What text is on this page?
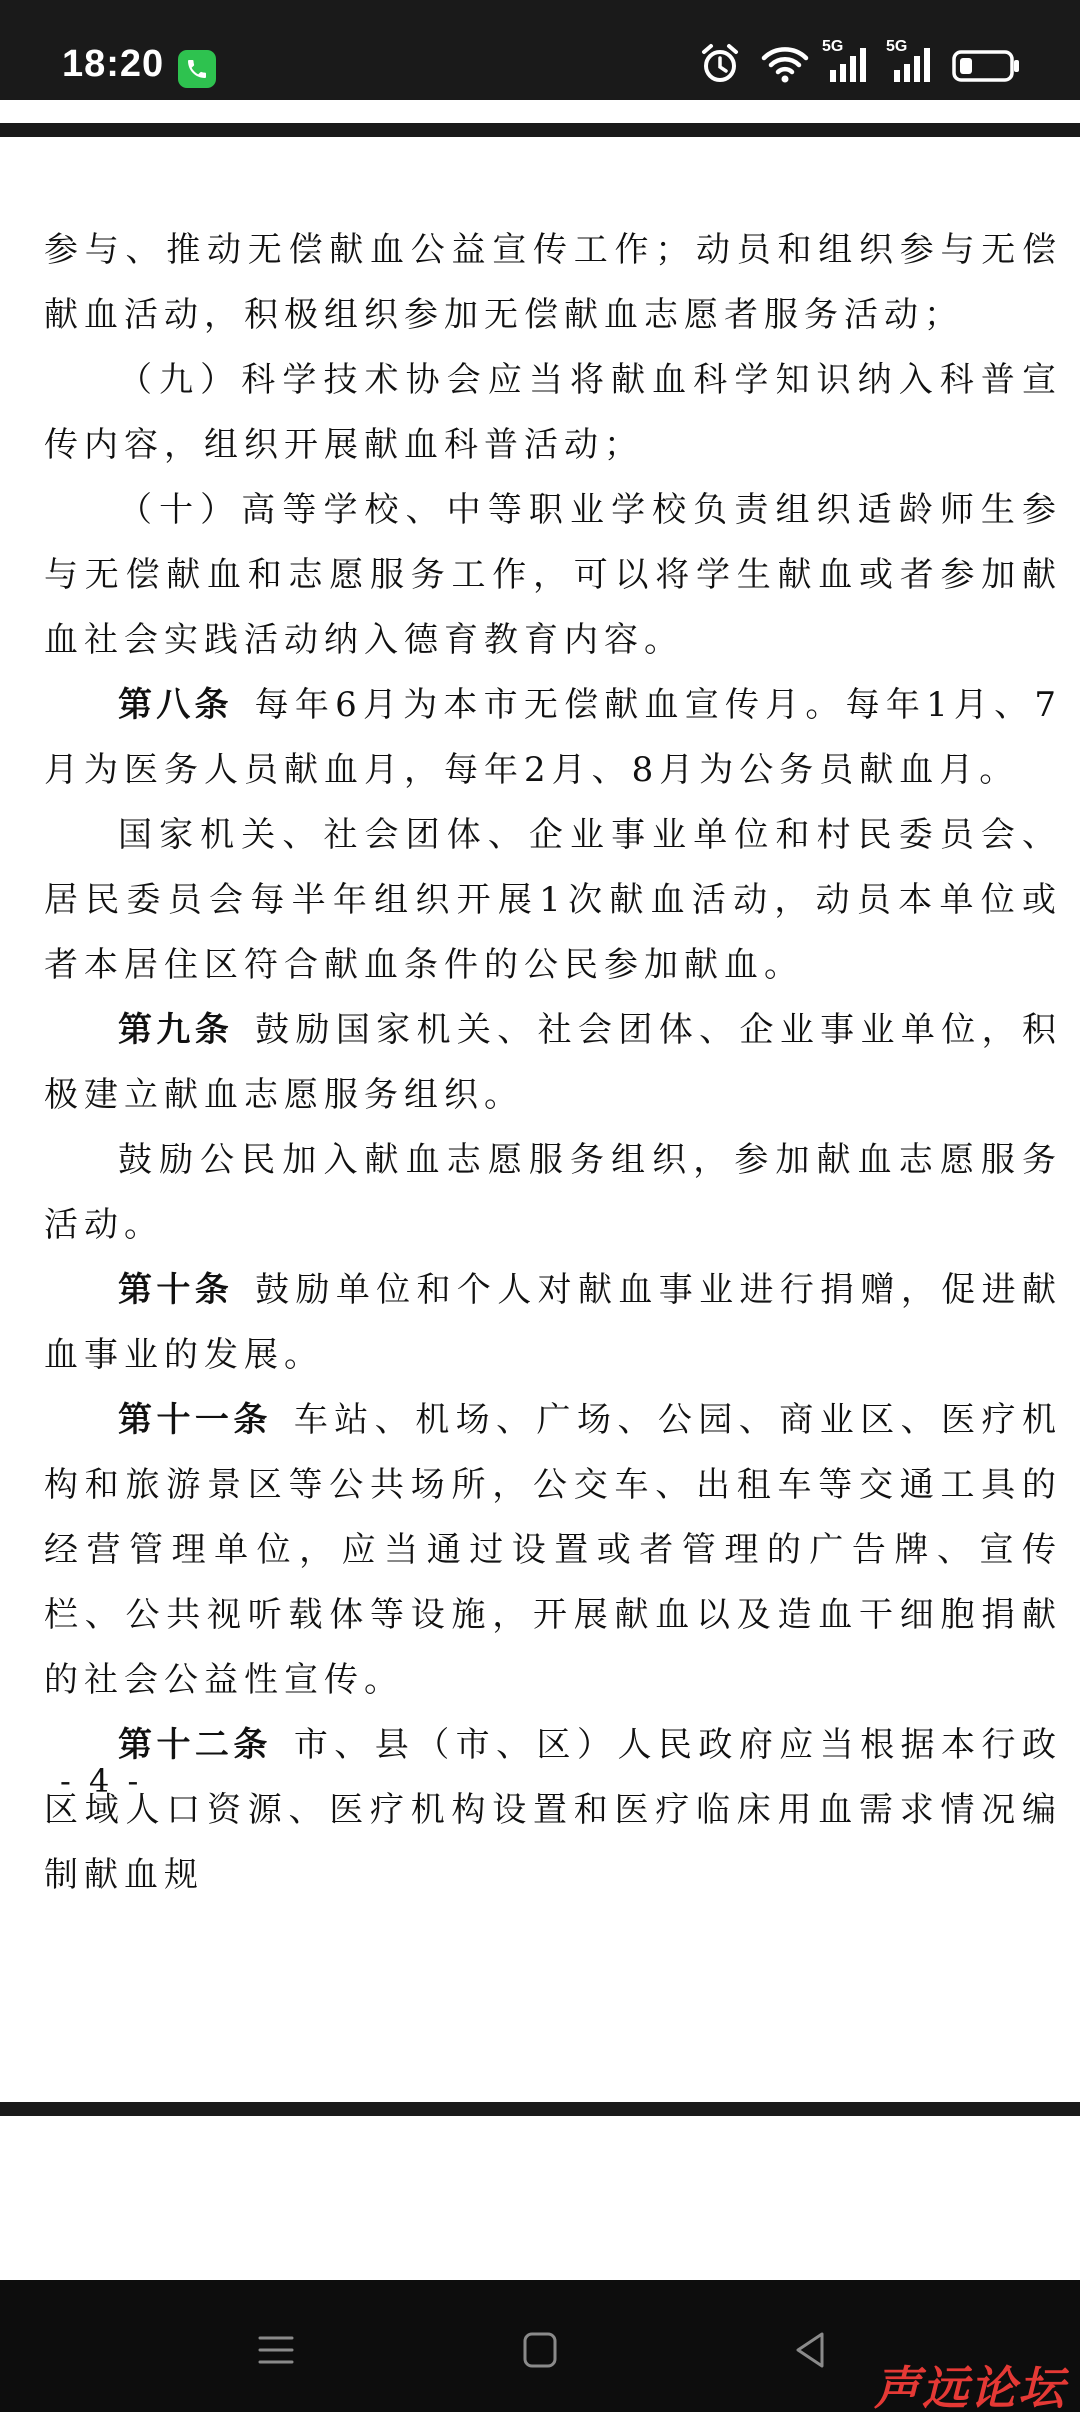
18:20	5G	5G

参与、推动无偿献血公益宣传工作；动员和组织参与无偿献血活动，积极组织参加无偿献血志愿者服务活动；

（九）科学技术协会应当将献血科学知识纳入科普宣传内容，组织开展献血科普活动；

（十）高等学校、中等职业学校负责组织适龄师生参与无偿献血和志愿服务工作，可以将学生献血或者参加献血社会实践活动纳入德育教育内容。

第八条 每年6月为本市无偿献血宣传月。每年1月、7月为医务人员献血月，每年2月、8月为公务员献血月。

国家机关、社会团体、企业事业单位和村民委员会、居民委员会每半年组织开展1次献血活动，动员本单位或者本居住区符合献血条件的公民参加献血。

第九条 鼓励国家机关、社会团体、企业事业单位，积极建立献血志愿服务组织。

鼓励公民加入献血志愿服务组织，参加献血志愿服务活动。

第十条 鼓励单位和个人对献血事业进行捐赠，促进献血事业的发展。

第十一条 车站、机场、广场、公园、商业区、医疗机构和旅游景区等公共场所，公交车、出租车等交通工具的经营管理单位，应当通过设置或者管理的广告牌、宣传栏、公共视听载体等设施，开展献血以及造血干细胞捐献的社会公益性宣传。

第十二条 市、县（市、区）人民政府应当根据本行政区域人口资源、医疗机构设置和医疗临床用血需求情况编制献血规

- 4 -
声远论坛
